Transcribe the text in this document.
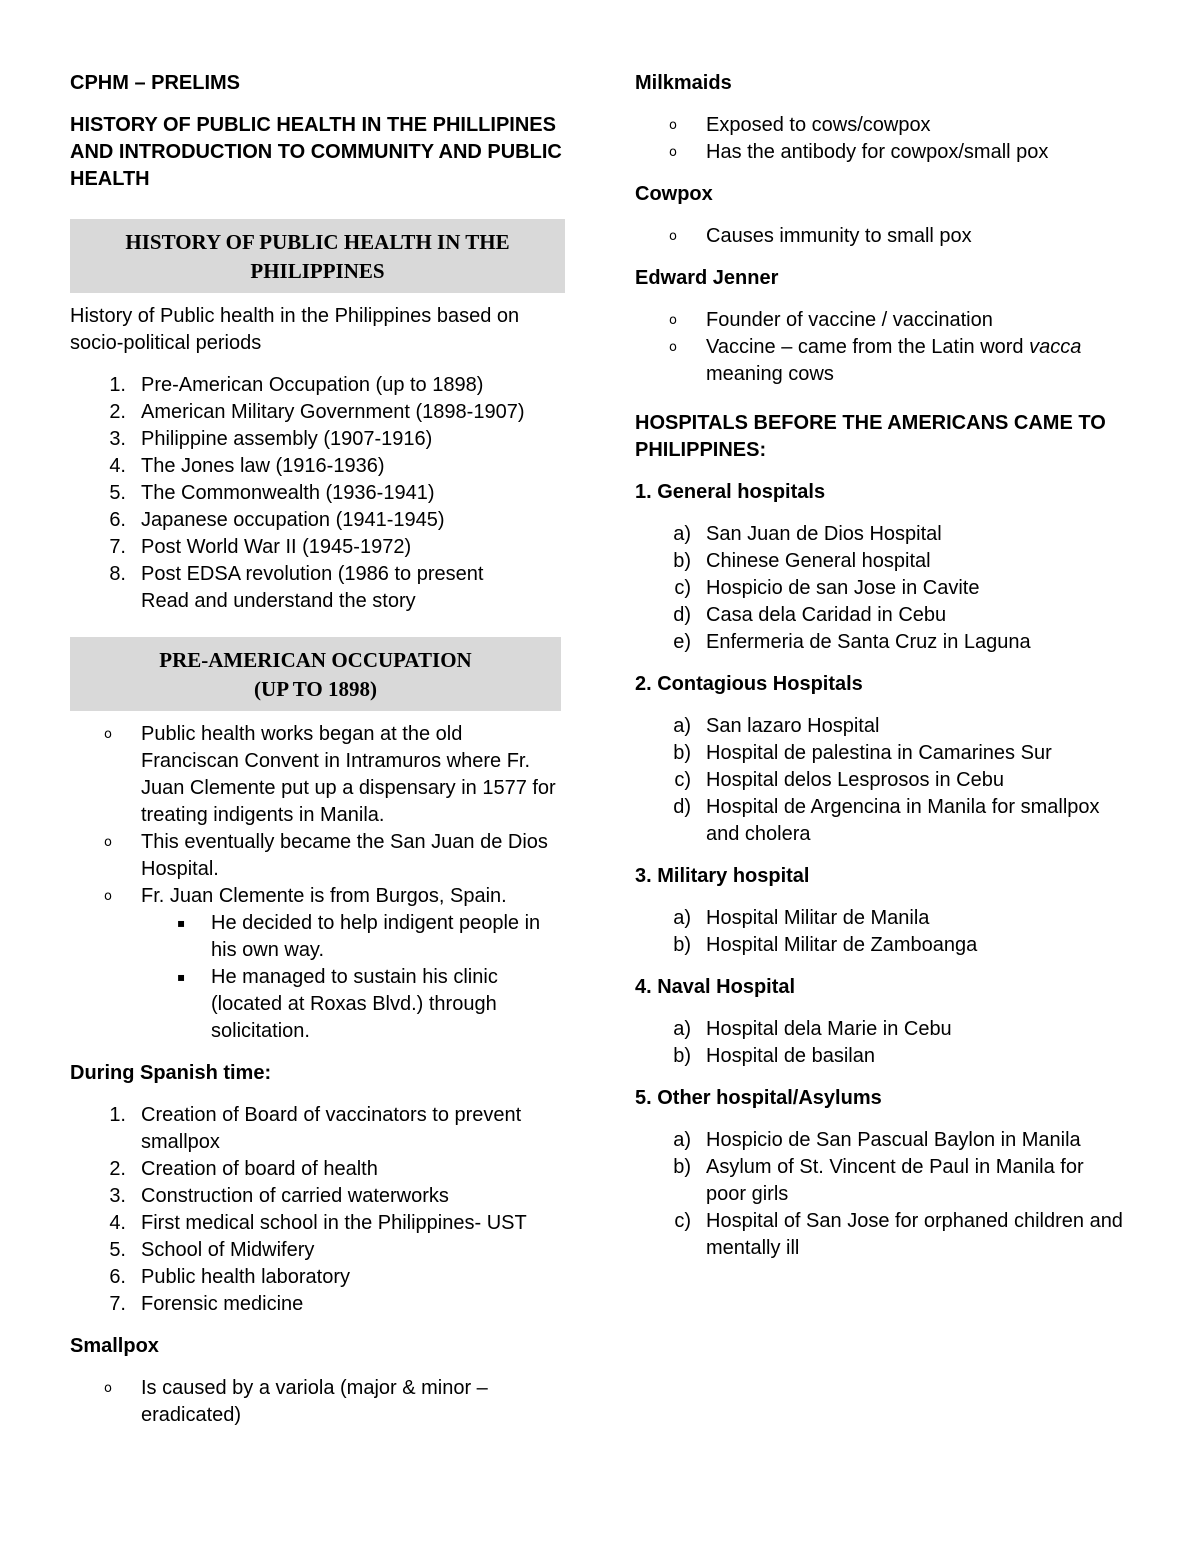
CPHM – PRELIMS

HISTORY OF PUBLIC HEALTH IN THE PHILLIPINES AND INTRODUCTION TO COMMUNITY AND PUBLIC HEALTH

HISTORY OF PUBLIC HEALTH IN THE
PHILIPPINES

History of Public health in the Philippines based on socio-political periods

1. Pre-American Occupation (up to 1898)
2. American Military Government (1898-1907)
3. Philippine assembly (1907-1916)
4. The Jones law (1916-1936)
5. The Commonwealth (1936-1941)
6. Japanese occupation (1941-1945)
7. Post World War II (1945-1972)
8. Post EDSA revolution (1986 to present
Read and understand the story
PRE-AMERICAN OCCUPATION
(UP TO 1898)
o	Public health works began at the old Franciscan Convent in Intramuros where Fr. Juan Clemente put up a dispensary in 1577 for treating indigents in Manila.
o	This eventually became the San Juan de Dios Hospital.
o	Fr. Juan Clemente is from Burgos, Spain.
▪	He decided to help indigent people in his own way.
▪	He managed to sustain his clinic (located at Roxas Blvd.) through solicitation.

During Spanish time:

1. Creation of Board of vaccinators to prevent smallpox
2. Creation of board of health
3. Construction of carried waterworks
4. First medical school in the Philippines- UST
5. School of Midwifery
6. Public health laboratory
7. Forensic medicine

Smallpox

o	Is caused by a variola (major & minor – eradicated)

Milkmaids

o	Exposed to cows/cowpox
o	Has the antibody for cowpox/small pox

Cowpox

o	Causes immunity to small pox

Edward Jenner

o	Founder of vaccine / vaccination
o	Vaccine – came from the Latin word vacca meaning cows

HOSPITALS BEFORE THE AMERICANS CAME TO PHILIPPINES:

1. General hospitals

a) San Juan de Dios Hospital
b) Chinese General hospital
c) Hospicio de san Jose in Cavite
d) Casa dela Caridad in Cebu
e) Enfermeria de Santa Cruz in Laguna

2. Contagious Hospitals

a) San lazaro Hospital
b) Hospital de palestina in Camarines Sur
c) Hospital delos Lesprosos in Cebu
d) Hospital de Argencina in Manila for smallpox and cholera

3. Military hospital

a) Hospital Militar de Manila
b) Hospital Militar de Zamboanga

4. Naval Hospital

a) Hospital dela Marie in Cebu
b) Hospital de basilan

5. Other hospital/Asylums

a) Hospicio de San Pascual Baylon in Manila
b) Asylum of St. Vincent de Paul in Manila for poor girls
c) Hospital of San Jose for orphaned children and mentally ill
